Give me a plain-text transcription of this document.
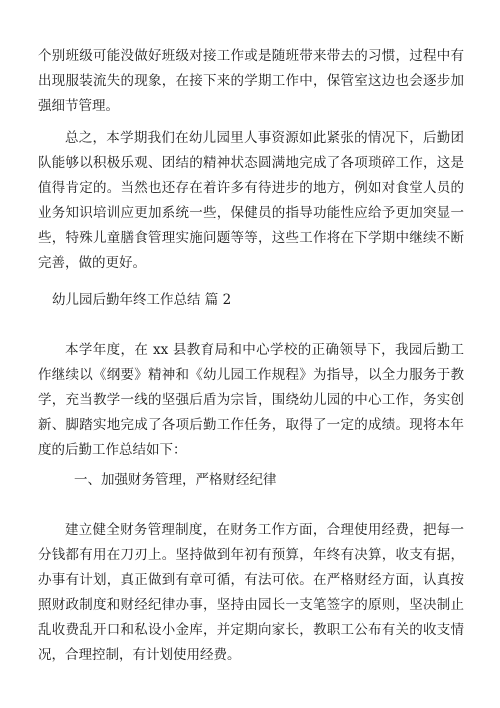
个别班级可能没做好班级对接工作或是随班带来带去的习惯，过程中有出现服装流失的现象，在接下来的学期工作中，保管室这边也会逐步加强细节管理。

总之，本学期我们在幼儿园里人事资源如此紧张的情况下，后勤团队能够以积极乐观、团结的精神状态圆满地完成了各项琐碎工作，这是值得肯定的。当然也还存在着许多有待进步的地方，例如对食堂人员的业务知识培训应更加系统一些，保健员的指导功能性应给予更加突显一些，特殊儿童膳食管理实施问题等等，这些工作将在下学期中继续不断完善，做的更好。

幼儿园后勤年终工作总结 篇 2

本学年度，在 xx 县教育局和中心学校的正确领导下，我园后勤工作继续以《纲要》精神和《幼儿园工作规程》为指导，以全力服务于教学，充当教学一线的坚强后盾为宗旨，围绕幼儿园的中心工作，务实创新、脚踏实地完成了各项后勤工作任务，取得了一定的成绩。现将本年度的后勤工作总结如下：

一、加强财务管理，严格财经纪律

建立健全财务管理制度，在财务工作方面，合理使用经费，把每一分钱都有用在刀刃上。坚持做到年初有预算，年终有决算，收支有据，办事有计划，真正做到有章可循，有法可依。在严格财经方面，认真按照财政制度和财经纪律办事，坚持由园长一支笔签字的原则，坚决制止乱收费乱开口和私设小金库，并定期向家长，教职工公布有关的收支情况，合理控制，有计划使用经费。
